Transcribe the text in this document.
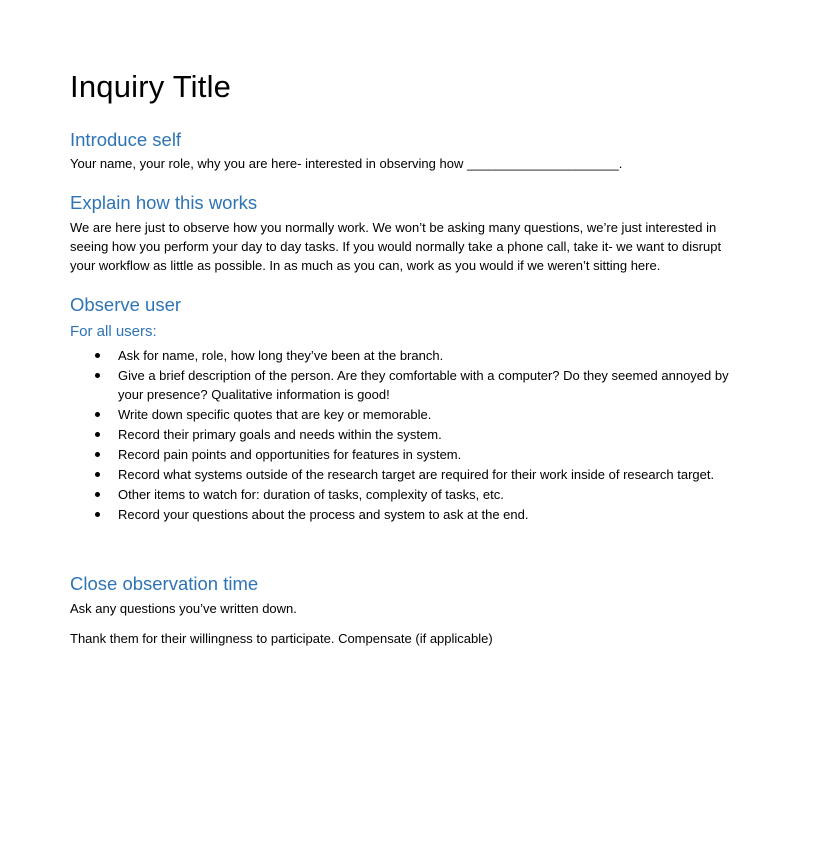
Inquiry Title
Introduce self

Your name, your role, why you are here- interested in observing how _____________________.

Explain how this works

We are here just to observe how you normally work. We won’t be asking many questions, we’re just interested in seeing how you perform your day to day tasks. If you would normally take a phone call, take it- we want to disrupt your workflow as little as possible. In as much as you can, work as you would if we weren’t sitting here.

Observe user
For all users:
Ask for name, role, how long they’ve been at the branch.
Give a brief description of the person. Are they comfortable with a computer? Do they seemed annoyed by your presence? Qualitative information is good!
Write down specific quotes that are key or memorable.
Record their primary goals and needs within the system.
Record pain points and opportunities for features in system.
Record what systems outside of the research target are required for their work inside of research target.
Other items to watch for: duration of tasks, complexity of tasks, etc.
Record your questions about the process and system to ask at the end.
Close observation time

Ask any questions you’ve written down.

Thank them for their willingness to participate. Compensate (if applicable)
